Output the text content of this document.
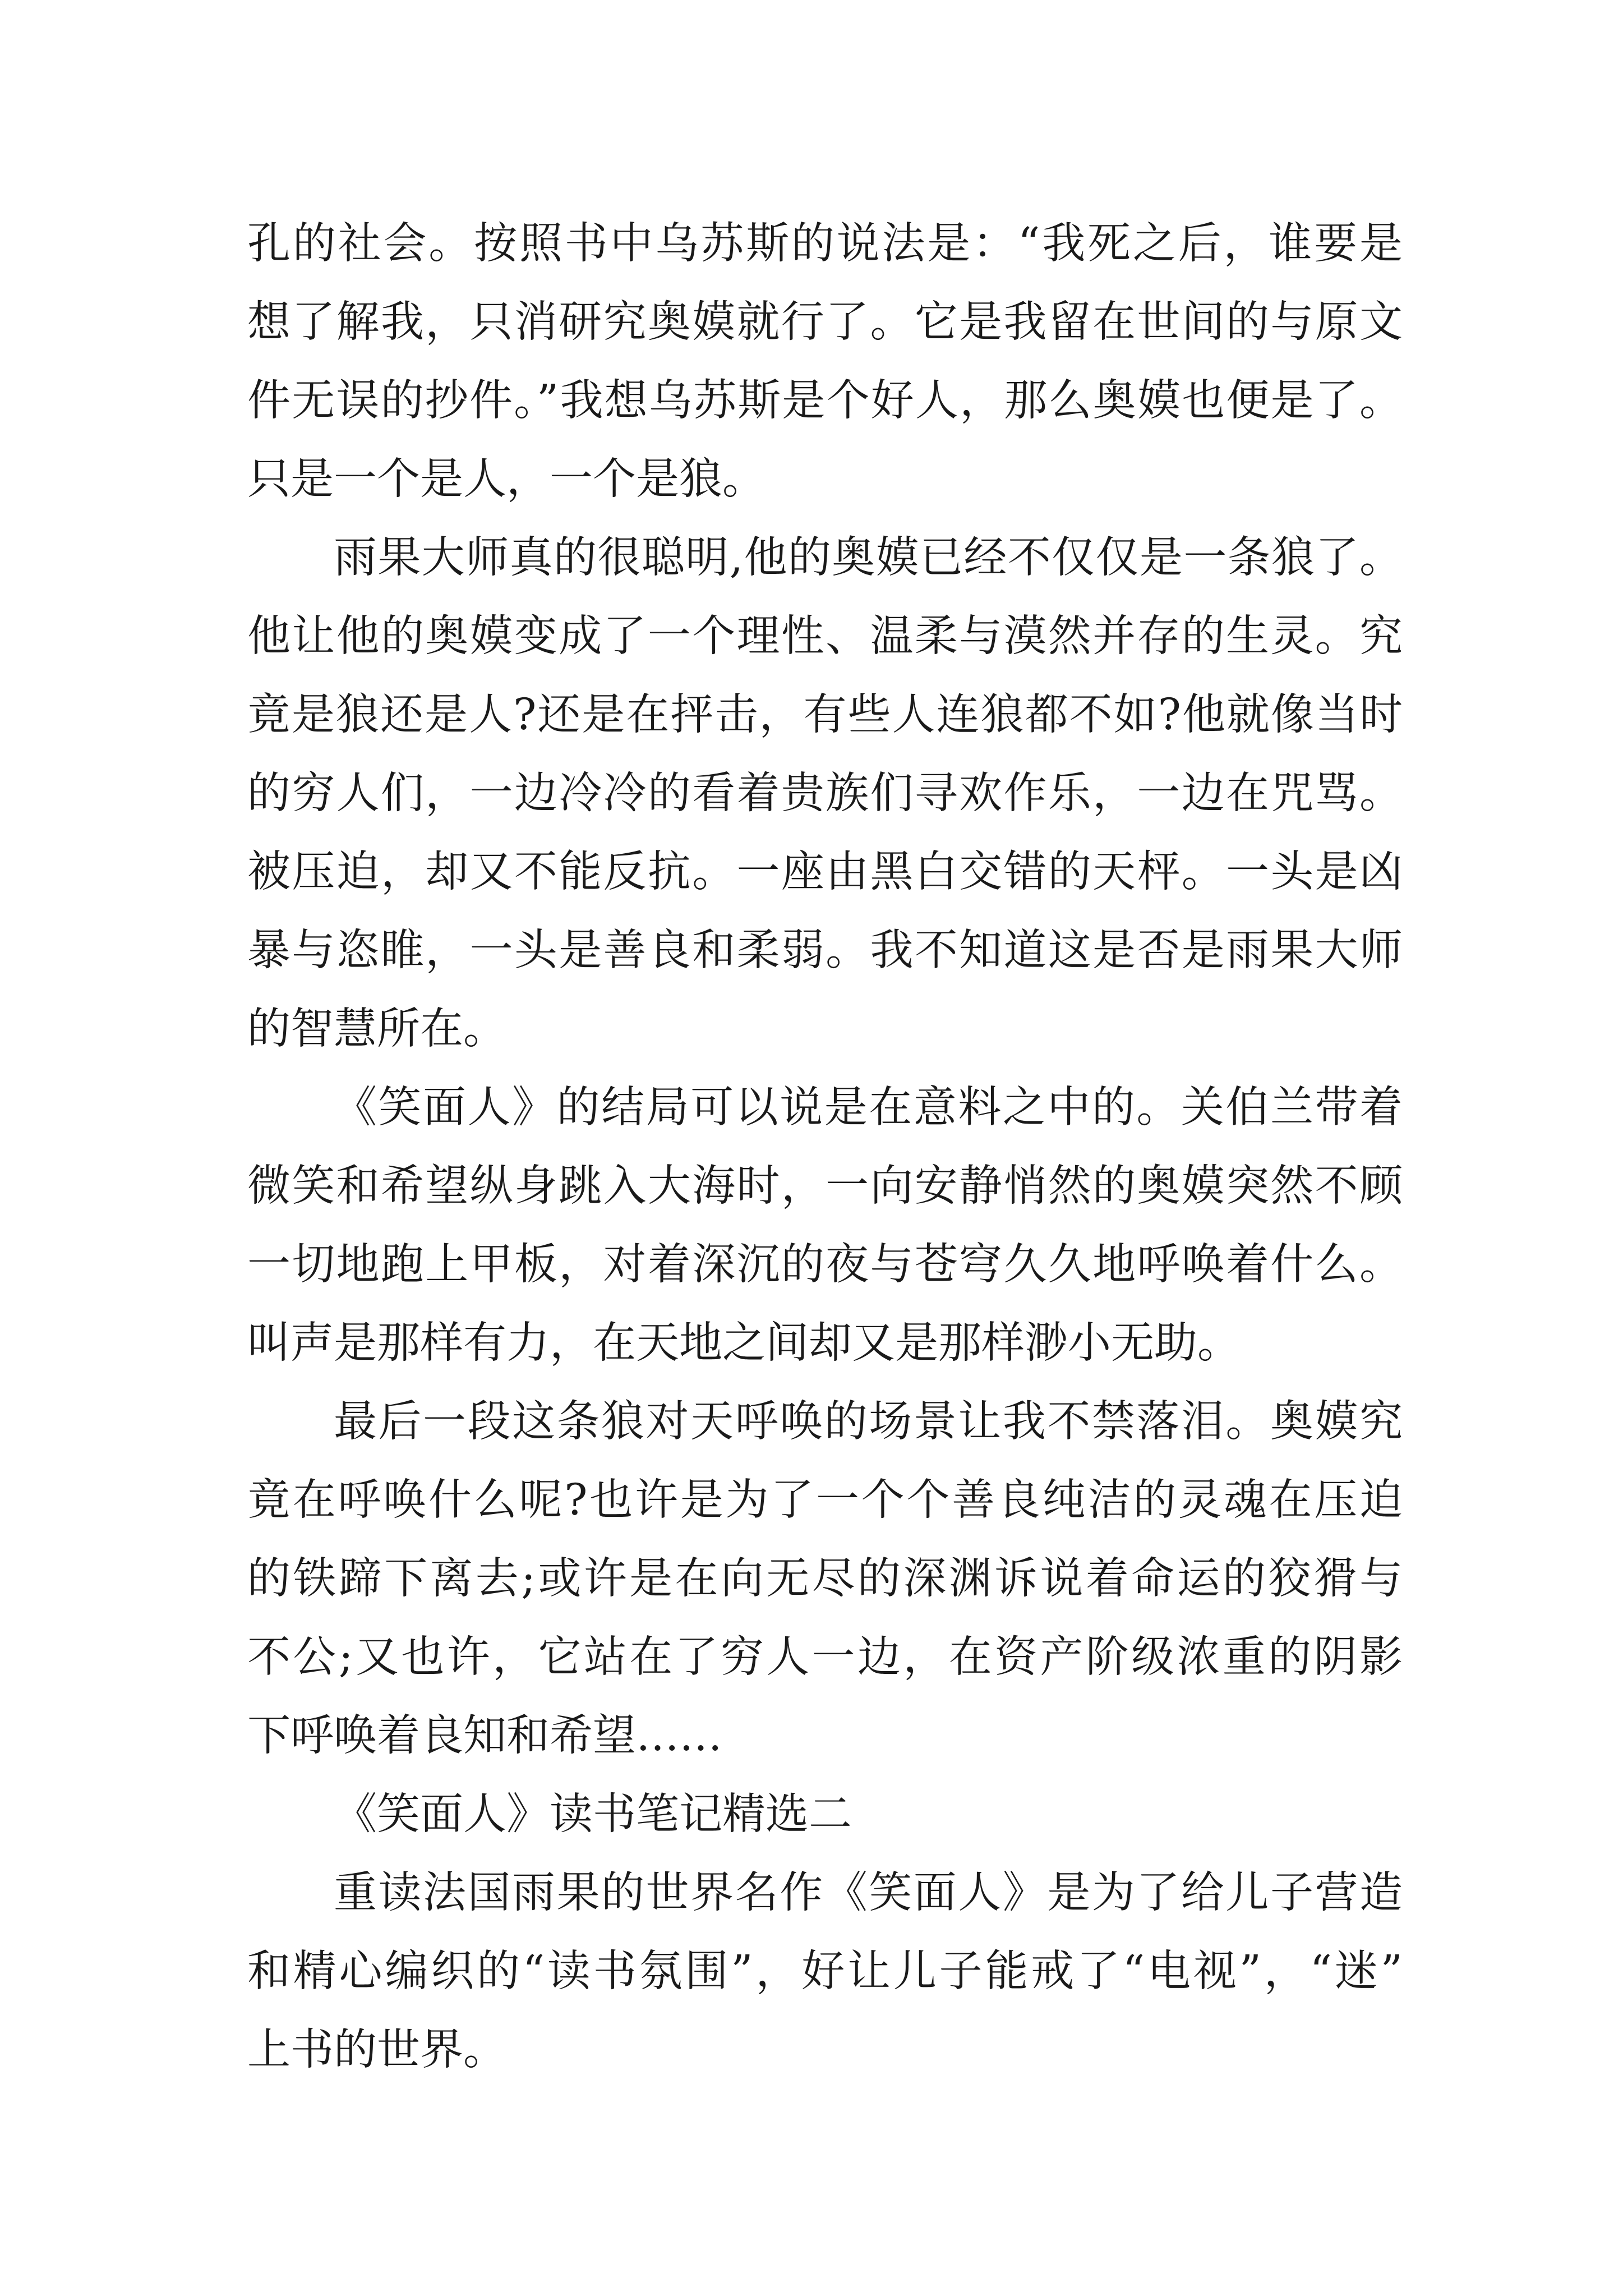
孔的社会。按照书中乌苏斯的说法是：“我死之后，谁要是
想了解我，只消研究奥嫫就行了。它是我留在世间的与原文
件无误的抄件。”我想乌苏斯是个好人，那么奥嫫也便是了。
只是一个是人，一个是狼。
雨果大师真的很聪明,他的奥嫫已经不仅仅是一条狼了。
他让他的奥嫫变成了一个理性、温柔与漠然并存的生灵。究
竟是狼还是人?还是在抨击，有些人连狼都不如?他就像当时
的穷人们，一边冷冷的看着贵族们寻欢作乐，一边在咒骂。
被压迫，却又不能反抗。一座由黑白交错的天枰。一头是凶
暴与恣睢，一头是善良和柔弱。我不知道这是否是雨果大师
的智慧所在。
《笑面人》的结局可以说是在意料之中的。关伯兰带着
微笑和希望纵身跳入大海时，一向安静悄然的奥嫫突然不顾
一切地跑上甲板，对着深沉的夜与苍穹久久地呼唤着什么。
叫声是那样有力，在天地之间却又是那样渺小无助。
最后一段这条狼对天呼唤的场景让我不禁落泪。奥嫫究
竟在呼唤什么呢?也许是为了一个个善良纯洁的灵魂在压迫
的铁蹄下离去;或许是在向无尽的深渊诉说着命运的狡猾与
不公;又也许，它站在了穷人一边，在资产阶级浓重的阴影
下呼唤着良知和希望……
《笑面人》读书笔记精选二
重读法国雨果的世界名作《笑面人》是为了给儿子营造
和精心编织的“读书氛围”，好让儿子能戒了“电视”，“迷”
上书的世界。
